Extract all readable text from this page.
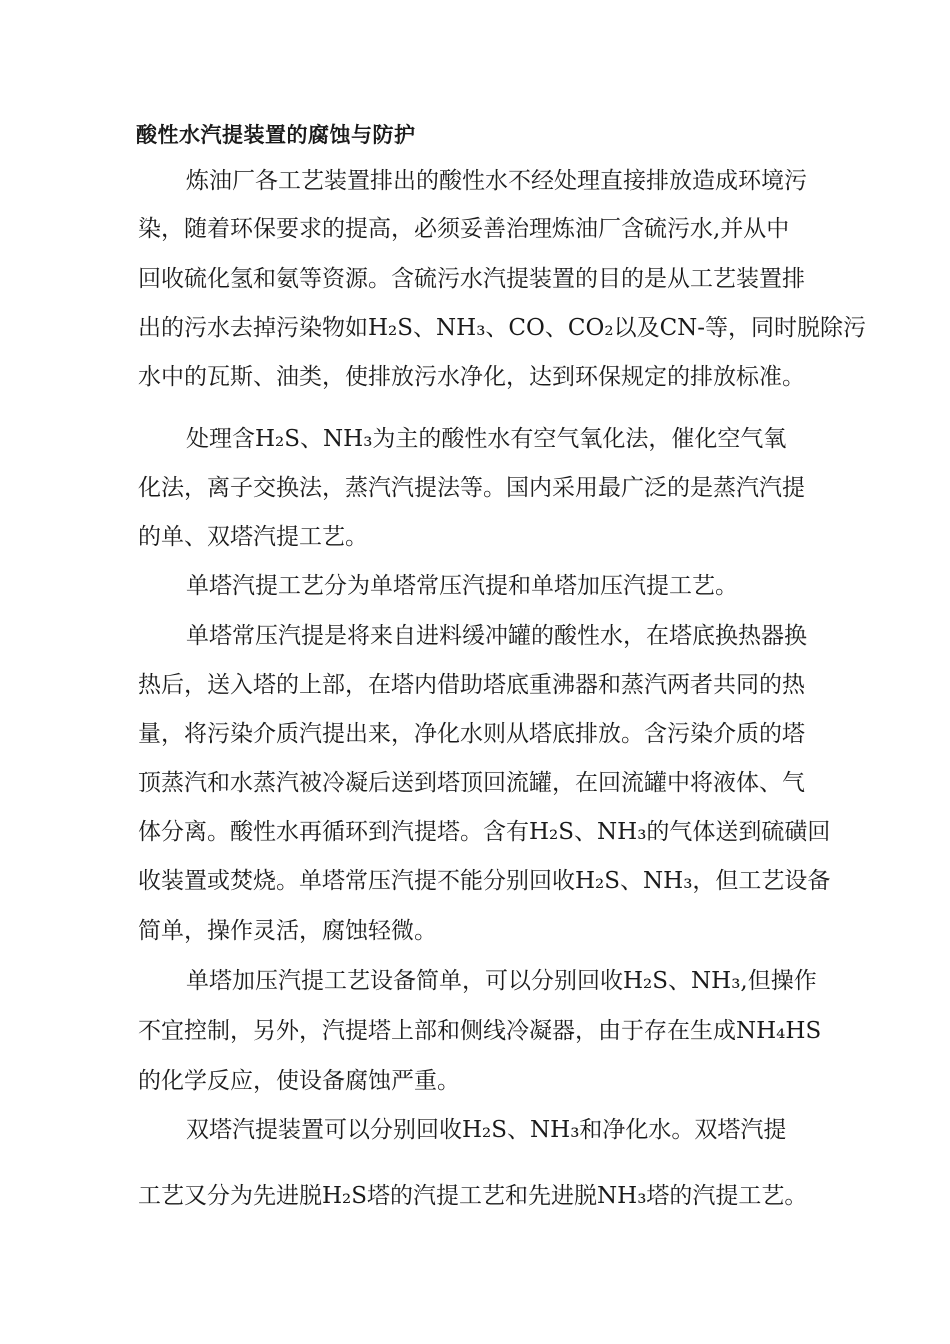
酸性水汽提装置的腐蚀与防护
炼油厂各工艺装置排出的酸性水不经处理直接排放造成环境污
染，随着环保要求的提高，必须妥善治理炼油厂含硫污水,并从中
回收硫化氢和氨等资源。含硫污水汽提装置的目的是从工艺装置排
出的污水去掉污染物如H₂S、NH₃、CO、CO₂以及CN-等，同时脱除污
水中的瓦斯、油类，使排放污水净化，达到环保规定的排放标准。
处理含H₂S、NH₃为主的酸性水有空气氧化法，催化空气氧
化法，离子交换法，蒸汽汽提法等。国内采用最广泛的是蒸汽汽提
的单、双塔汽提工艺。
单塔汽提工艺分为单塔常压汽提和单塔加压汽提工艺。
单塔常压汽提是将来自进料缓冲罐的酸性水，在塔底换热器换
热后，送入塔的上部，在塔内借助塔底重沸器和蒸汽两者共同的热
量，将污染介质汽提出来，净化水则从塔底排放。含污染介质的塔
顶蒸汽和水蒸汽被冷凝后送到塔顶回流罐，在回流罐中将液体、气
体分离。酸性水再循环到汽提塔。含有H₂S、NH₃的气体送到硫磺回
收装置或焚烧。单塔常压汽提不能分别回收H₂S、NH₃，但工艺设备
简单，操作灵活，腐蚀轻微。
单塔加压汽提工艺设备简单，可以分别回收H₂S、NH₃,但操作
不宜控制，另外，汽提塔上部和侧线冷凝器，由于存在生成NH₄HS
的化学反应，使设备腐蚀严重。
双塔汽提装置可以分别回收H₂S、NH₃和净化水。双塔汽提
工艺又分为先进脱H₂S塔的汽提工艺和先进脱NH₃塔的汽提工艺。
